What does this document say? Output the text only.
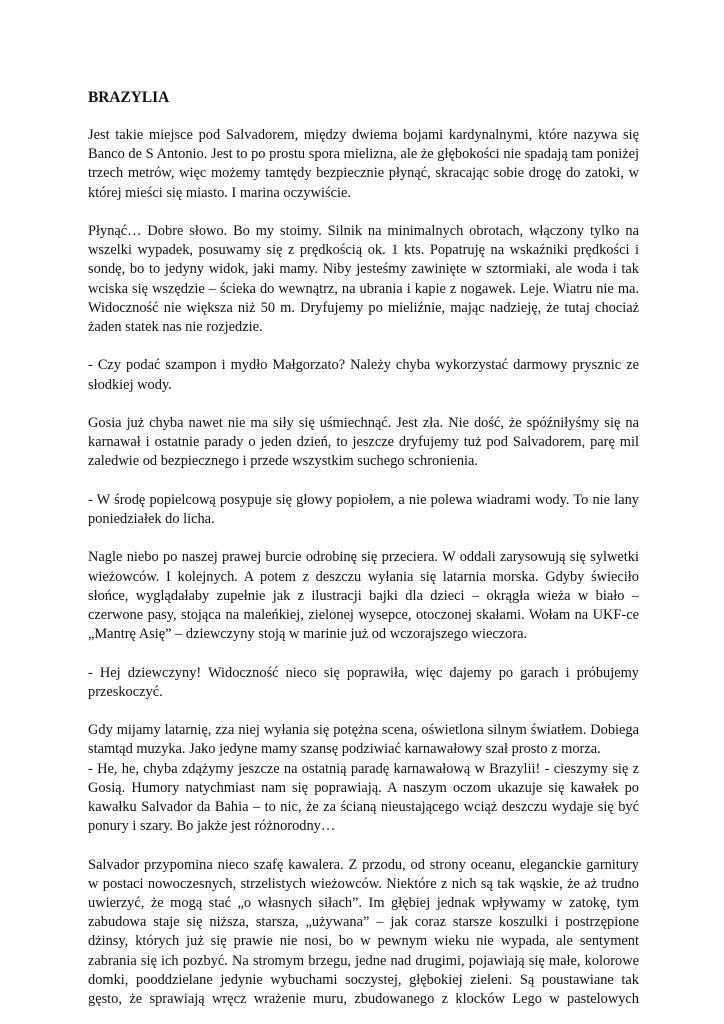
BRAZYLIA

Jest takie miejsce pod Salvadorem, między dwiema bojami kardynalnymi, które nazywa się Banco de S Antonio. Jest to po prostu spora mielizna, ale że głębokości nie spadają tam poniżej trzech metrów, więc możemy tamtędy bezpiecznie płynąć, skracając sobie drogę do zatoki, w której mieści się miasto. I marina oczywiście.

Płynąć… Dobre słowo. Bo my stoimy. Silnik na minimalnych obrotach, włączony tylko na wszelki wypadek, posuwamy się z prędkością ok. 1 kts. Popatruję na wskaźniki prędkości i sondę, bo to jedyny widok, jaki mamy. Niby jesteśmy zawinięte w sztormiaki, ale woda i tak wciska się wszędzie – ścieka do wewnątrz, na ubrania i kapie z nogawek. Leje. Wiatru nie ma. Widoczność nie większa niż 50 m. Dryfujemy po mieliźnie, mając nadzieję, że tutaj chociaż żaden statek nas nie rozjedzie.

- Czy podać szampon i mydło Małgorzato? Należy chyba wykorzystać darmowy prysznic ze słodkiej wody.

Gosia już chyba nawet nie ma siły się uśmiechnąć. Jest zła. Nie dość, że spóźniłyśmy się na karnawał i ostatnie parady o jeden dzień, to jeszcze dryfujemy tuż pod Salvadorem, parę mil zaledwie od bezpiecznego i przede wszystkim suchego schronienia.

- W środę popielcową posypuje się głowy popiołem, a nie polewa wiadrami wody. To nie lany poniedziałek do licha.

Nagle niebo po naszej prawej burcie odrobinę się przeciera. W oddali zarysowują się sylwetki wieżowców. I kolejnych. A potem z deszczu wyłania się latarnia morska. Gdyby świeciło słońce, wyglądałaby zupełnie jak z ilustracji bajki dla dzieci – okrągła wieża w biało – czerwone pasy, stojąca na maleńkiej, zielonej wysepce, otoczonej skałami. Wołam na UKF-ce „Mantrę Asię” – dziewczyny stoją w marinie już od wczorajszego wieczora.

- Hej dziewczyny! Widoczność nieco się poprawiła, więc dajemy po garach i próbujemy przeskoczyć.

Gdy mijamy latarnię, zza niej wyłania się potężna scena, oświetlona silnym światłem. Dobiega stamtąd muzyka. Jako jedyne mamy szansę podziwiać karnawałowy szał prosto z morza.

- He, he, chyba zdążymy jeszcze na ostatnią paradę karnawałową w Brazylii! - cieszymy się z Gosią. Humory natychmiast nam się poprawiają. A naszym oczom ukazuje się kawałek po kawałku Salvador da Bahia – to nic, że za ścianą nieustającego wciąż deszczu wydaje się być ponury i szary. Bo jakże jest różnorodny…

Salvador przypomina nieco szafę kawalera. Z przodu, od strony oceanu, eleganckie garnitury w postaci nowoczesnych, strzelistych wieżowców. Niektóre z nich są tak wąskie, że aż trudno uwierzyć, że mogą stać „o własnych siłach”. Im głębiej jednak wpływamy w zatokę, tym zabudowa staje się niższa, starsza, „używana” – jak coraz starsze koszulki i postrzępione dżinsy, których już się prawie nie nosi, bo w pewnym wieku nie wypada, ale sentyment zabrania się ich pozbyć. Na stromym brzegu, jedne nad drugimi, pojawiają się małe, kolorowe domki, pooddzielane jedynie wybuchami soczystej, głębokiej zieleni. Są poustawiane tak gęsto, że sprawiają wręcz wrażenie muru, zbudowanego z klocków Lego w pastelowych
